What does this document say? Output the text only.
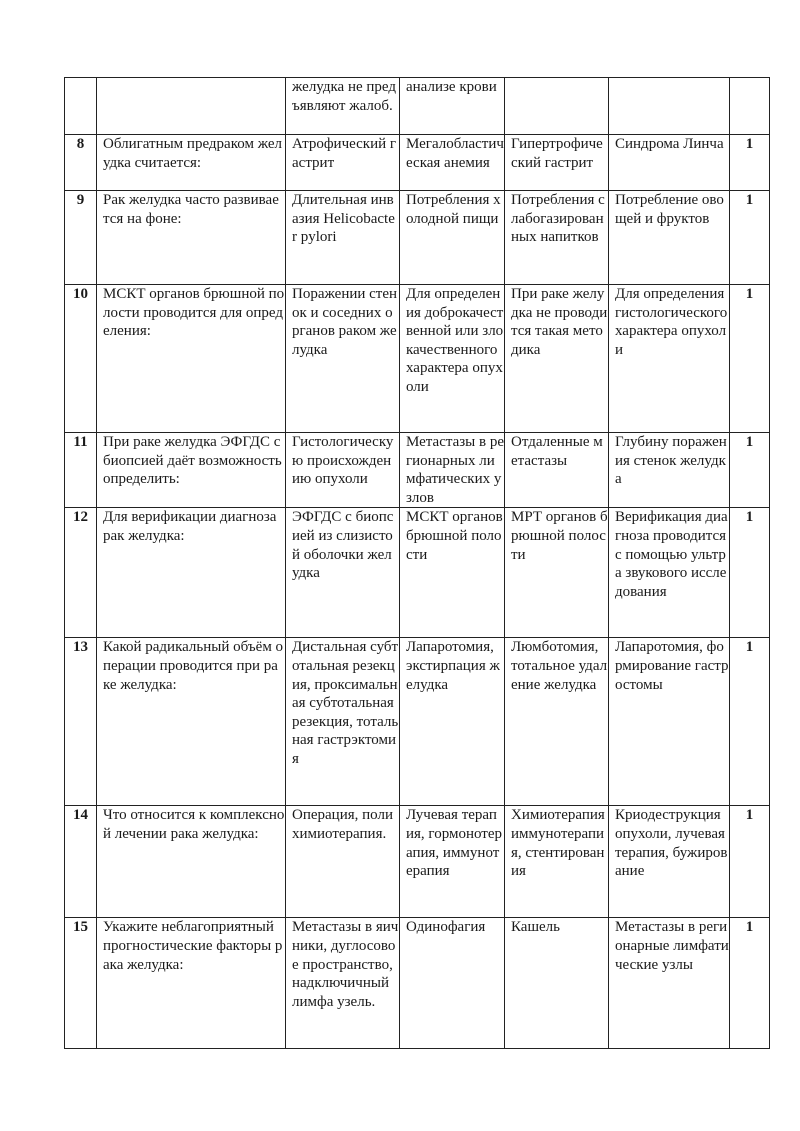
		желудка не предъявляют жалоб.	анализе крови			
8	Облигатным предраком желудка считается:	Атрофический гастрит	Мегалобластическая анемия	Гипертрофический гастрит	Синдрома Линча	1
9	Рак желудка часто развивается на фоне:	Длительная инвазия Helicobacter pylori	Потребления холодной пищи	Потребления слабогазированных напитков	Потребление овощей и фруктов	1
10	МСКТ органов брюшной полости проводится для определения:	Поражении стенок и соседних органов раком желудка	Для определения доброкачественной или злокачественного характера опухоли	При раке желудка не проводится такая методика	Для определения гистологического характера опухоли	1
11	При раке желудка ЭФГДС с биопсией даёт возможность определить:	Гистологическую происхождению опухоли	Метастазы в регионарных лимфатических узлов	Отдаленные метастазы	Глубину поражения стенок желудка	1
12	Для верификации диагноза рак желудка:	ЭФГДС с биопсией из слизистой оболочки желудка	МСКТ органов брюшной полости	МРТ органов брюшной полости	Верификация диагноза проводится с помощью ультра звукового исследования	1
13	Какой радикальный объём операции проводится при раке желудка:	Дистальная субтотальная резекция, проксимальная субтотальная резекция, тотальная гастрэктомия	Лапаротомия, экстирпация желудка	Люмботомия, тотальное удаление желудка	Лапаротомия, формирование гастростомы	1
14	Что относится к комплексной лечении рака желудка:	Операция, полихимиотерапия.	Лучевая терапия, гормонотерапия, иммунотерапия	Химиотерапия иммунотерапия, стентирования	Криодеструкция опухоли, лучевая терапия, бужирование	1
15	Укажите неблагоприятный прогностические факторы рака желудка:	Метастазы в яичники, дуглосовое пространство, надключичный лимфа узель.	Одинофагия	Кашель	Метастазы в регионарные лимфатические узлы	1
